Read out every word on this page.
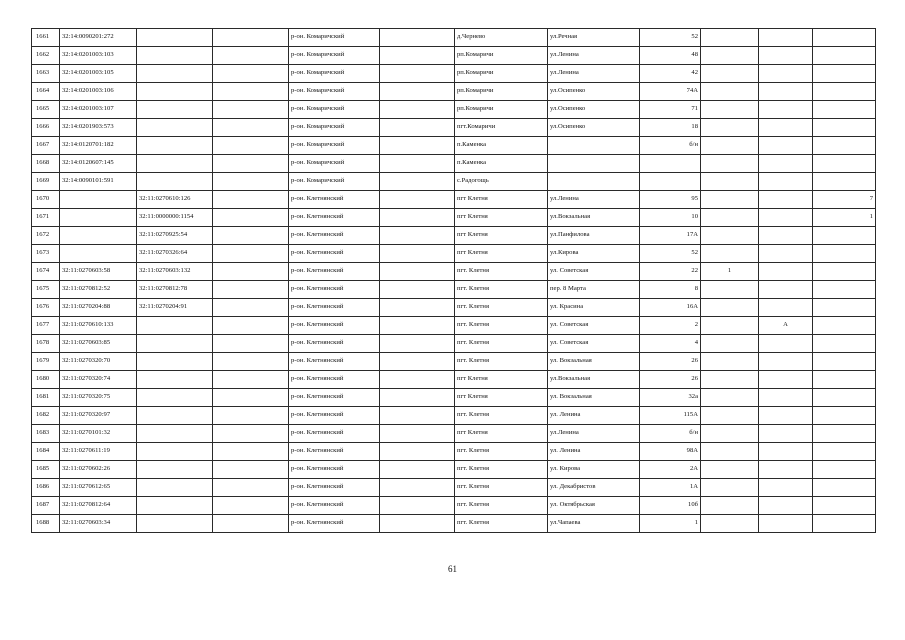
1661	32:14:0090201:272			р-он. Комаричский		д.Чернево	ул.Речная	52			
1662	32:14:0201003:103			р-он. Комаричский		рп.Комаричи	ул.Ленина	48			
1663	32:14:0201003:105			р-он. Комаричский		рп.Комаричи	ул.Ленина	42			
1664	32:14:0201003:106			р-он. Комаричский		рп.Комаричи	ул.Осипенко	74А			
1665	32:14:0201003:107			р-он. Комаричский		рп.Комаричи	ул.Осипенко	71			
1666	32:14:0201903:573			р-он. Комаричский		пгт.Комаричи	ул.Осипенко	18			
1667	32:14:0120701:182			р-он. Комаричский		п.Каменка		б/н			
1668	32:14:0120607:145			р-он. Комаричский		п.Каменка					
1669	32:14:0090101:591			р-он. Комаричский		с.Радогощь					
1670		32:11:0270610:126		р-он. Клетнянский		пгт Клетня	ул.Ленина	95			7
1671		32:11:0000000:1154		р-он. Клетнянский		пгт Клетня	ул.Вокзальная	10			1
1672		32:11:0270925:54		р-он. Клетнянский		пгт Клетня	ул.Панфилова	17А			
1673		32:11:0270326:64		р-он. Клетнянский		пгт Клетня	ул.Кирова	52			
1674	32:11:0270603:58	32:11:0270603:132		р-он. Клетнянский		пгт. Клетня	ул. Советская	22	1		
1675	32:11:0270812:52	32:11:0270812:78		р-он. Клетнянский		пгт. Клетня	пер. 8 Марта	8			
1676	32:11:0270204:88	32:11:0270204:91		р-он. Клетнянский		пгт. Клетня	ул. Красина	16А			
1677	32:11:0270610:133			р-он. Клетнянский		пгт. Клетня	ул. Советская	2		А	
1678	32:11:0270603:85			р-он. Клетнянский		пгт. Клетня	ул. Советская	4			
1679	32:11:0270320:70			р-он. Клетнянский		пгт. Клетня	ул. Вокзальная	26			
1680	32:11:0270320:74			р-он. Клетнянский		пгт Клетня	ул.Вокзальная	26			
1681	32:11:0270320:75			р-он. Клетнянский		пгт Клетня	ул. Вокзальная	32а			
1682	32:11:0270320:97			р-он. Клетнянский		пгт. Клетня	ул. Ленина	115А			
1683	32:11:0270101:32			р-он. Клетнянский		пгт Клетня	ул.Ленина	б/н			
1684	32:11:0270611:19			р-он. Клетнянский		пгт. Клетня	ул. Ленина	98А			
1685	32:11:0270602:26			р-он. Клетнянский		пгт. Клетня	ул. Кирова	2А			
1686	32:11:0270612:65			р-он. Клетнянский		пгт. Клетня	ул. Декабристов	1А			
1687	32:11:0270812:64			р-он. Клетнянский		пгт. Клетня	ул. Октябрьская	10б			
1688	32:11:0270603:34			р-он. Клетнянский		пгт. Клетня	ул.Чапаева	1			
61
